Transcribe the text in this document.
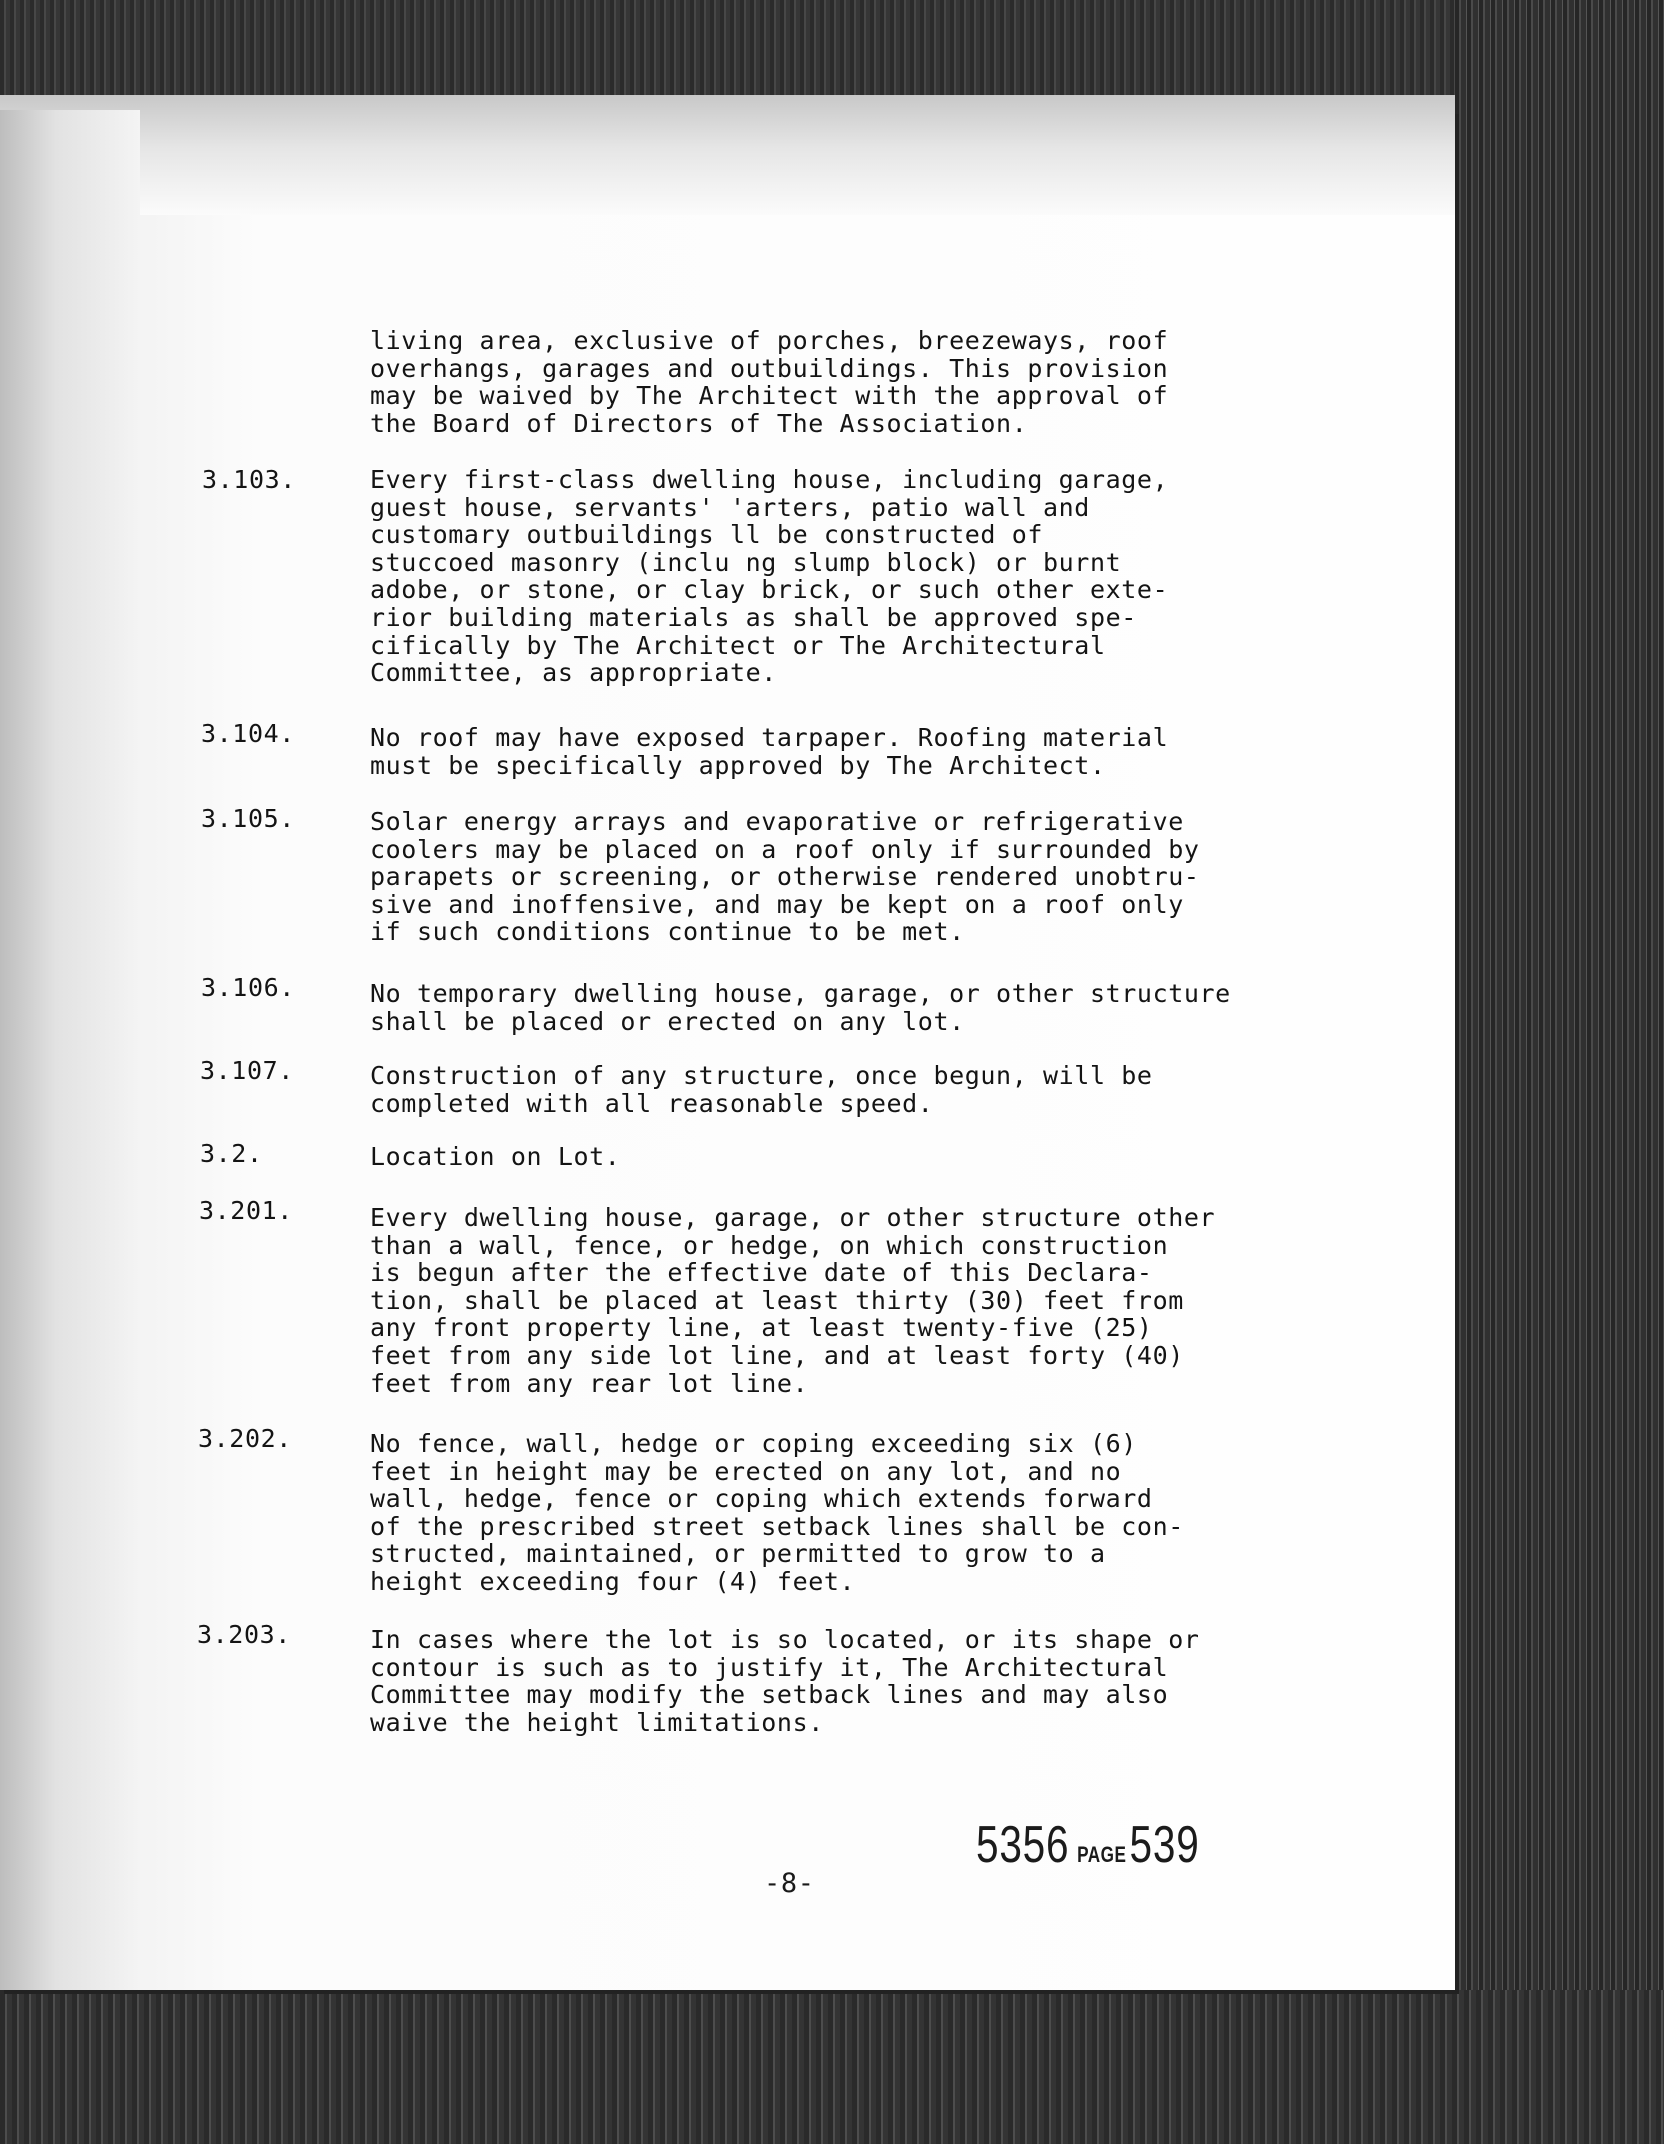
living area, exclusive of porches, breezeways, roof
overhangs, garages and outbuildings. This provision
may be waived by The Architect with the approval of
the Board of Directors of The Association.
3.103.	Every first-class dwelling house, including garage,
guest house, servants' 'arters, patio wall and
customary outbuildings ll be constructed of
stuccoed masonry (inclu ng slump block) or burnt
adobe, or stone, or clay brick, or such other exte-
rior building materials as shall be approved spe-
cifically by The Architect or The Architectural
Committee, as appropriate.
3.104.	No roof may have exposed tarpaper. Roofing material
must be specifically approved by The Architect.
3.105.	Solar energy arrays and evaporative or refrigerative
coolers may be placed on a roof only if surrounded by
parapets or screening, or otherwise rendered unobtru-
sive and inoffensive, and may be kept on a roof only
if such conditions continue to be met.
3.106.	No temporary dwelling house, garage, or other structure
shall be placed or erected on any lot.
3.107.	Construction of any structure, once begun, will be
completed with all reasonable speed.
3.2.	Location on Lot.
3.201.	Every dwelling house, garage, or other structure other
than a wall, fence, or hedge, on which construction
is begun after the effective date of this Declara-
tion, shall be placed at least thirty (30) feet from
any front property line, at least twenty-five (25)
feet from any side lot line, and at least forty (40)
feet from any rear lot line.
3.202.	No fence, wall, hedge or coping exceeding six (6)
feet in height may be erected on any lot, and no
wall, hedge, fence or coping which extends forward
of the prescribed street setback lines shall be con-
structed, maintained, or permitted to grow to a
height exceeding four (4) feet.
3.203.	In cases where the lot is so located, or its shape or
contour is such as to justify it, The Architectural
Committee may modify the setback lines and may also
waive the height limitations.
-8-
5356 PAGE539
